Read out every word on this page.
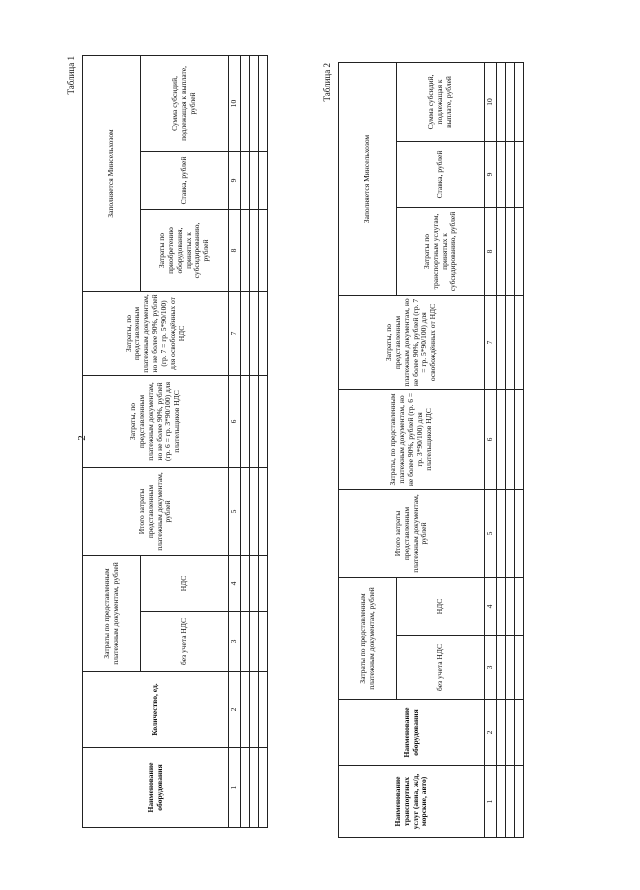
2
Таблица 1
Наименование оборудования	Количество, ед.	Затраты по представленным платежным документам, рублей		Итого затраты представленным платежным документам, рублей	Затраты, по представленным платежным документам, но не более 90%, рублей (гр. 6 = гр. 3*90/100) для плательщиков НДС	Затраты, по представленным платежным документам, но не более 90%, рублей (гр. 7 = гр. 5*90/100) для освобождённых от НДС	Заполняется Минсельхозом		
		без учета НДС	НДС				Затраты по приобретению оборудования, принятых к субсидированию, рублей	Ставка, рублей	Сумма субсидий, подлежащая к выплате, рублей
1	2	3	4	5	6	7	8	9	10

Таблица 2
Наименование транспортных услуг (авиа, ж/д, морские, авто)	Наименование оборудования	Затраты по представленным платежным документам, рублей		Итого затраты представленным платежным документам, рублей	Затраты, по представленным платежным документам, но не более 90%, рублей (гр. 6 = гр. 3*90/100) для плательщиков НДС	Затраты, по представленным платежным документам, но не более 90%, рублей (гр. 7 = гр. 5*90/100) для освобождённых от НДС	Заполняется Минсельхозом		
		без учета НДС	НДС				Затраты по транспортным услугам, принятых к субсидированию, рублей	Ставка, рублей	Сумма субсидий, подлежащая к выплате, рублей
1	2	3	4	5	6	7	8	9	10
